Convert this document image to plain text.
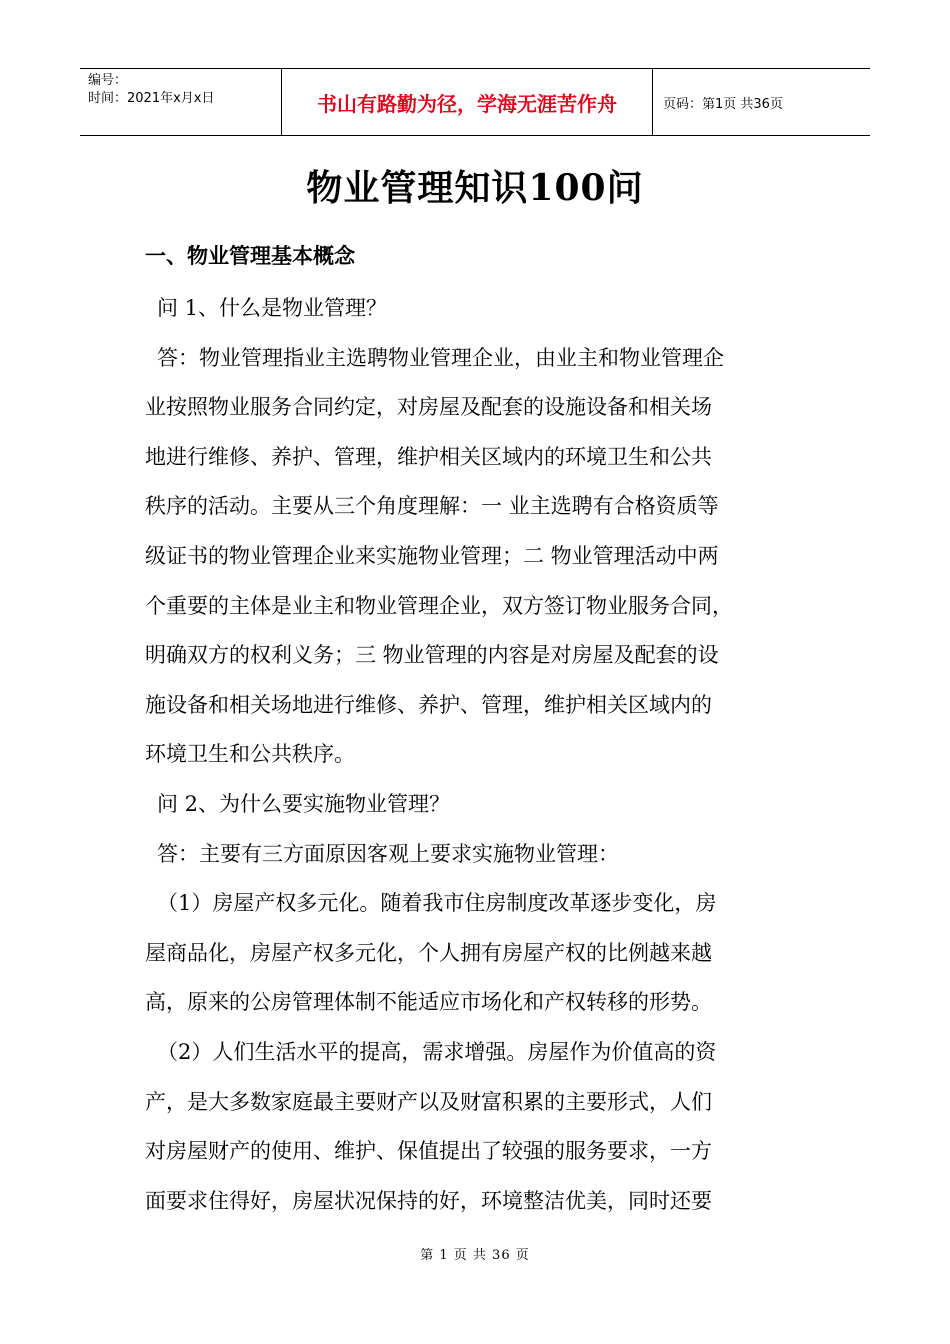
编号：
时间：2021年x月x日	书山有路勤为径，学海无涯苦作舟	页码：第1页 共36页
物业管理知识100问
一、物业管理基本概念

问 1、什么是物业管理？

答：物业管理指业主选聘物业管理企业，由业主和物业管理企

业按照物业服务合同约定，对房屋及配套的设施设备和相关场

地进行维修、养护、管理，维护相关区域内的环境卫生和公共

秩序的活动。主要从三个角度理解：一 业主选聘有合格资质等

级证书的物业管理企业来实施物业管理；二 物业管理活动中两

个重要的主体是业主和物业管理企业，双方签订物业服务合同，

明确双方的权利义务；三 物业管理的内容是对房屋及配套的设

施设备和相关场地进行维修、养护、管理，维护相关区域内的

环境卫生和公共秩序。

问 2、为什么要实施物业管理？

答：主要有三方面原因客观上要求实施物业管理：

（1）房屋产权多元化。随着我市住房制度改革逐步变化，房

屋商品化，房屋产权多元化，个人拥有房屋产权的比例越来越

高，原来的公房管理体制不能适应市场化和产权转移的形势。

（2）人们生活水平的提高，需求增强。房屋作为价值高的资

产，是大多数家庭最主要财产以及财富积累的主要形式，人们

对房屋财产的使用、维护、保值提出了较强的服务要求，一方

面要求住得好，房屋状况保持的好，环境整洁优美，同时还要

第 1 页 共 36 页
